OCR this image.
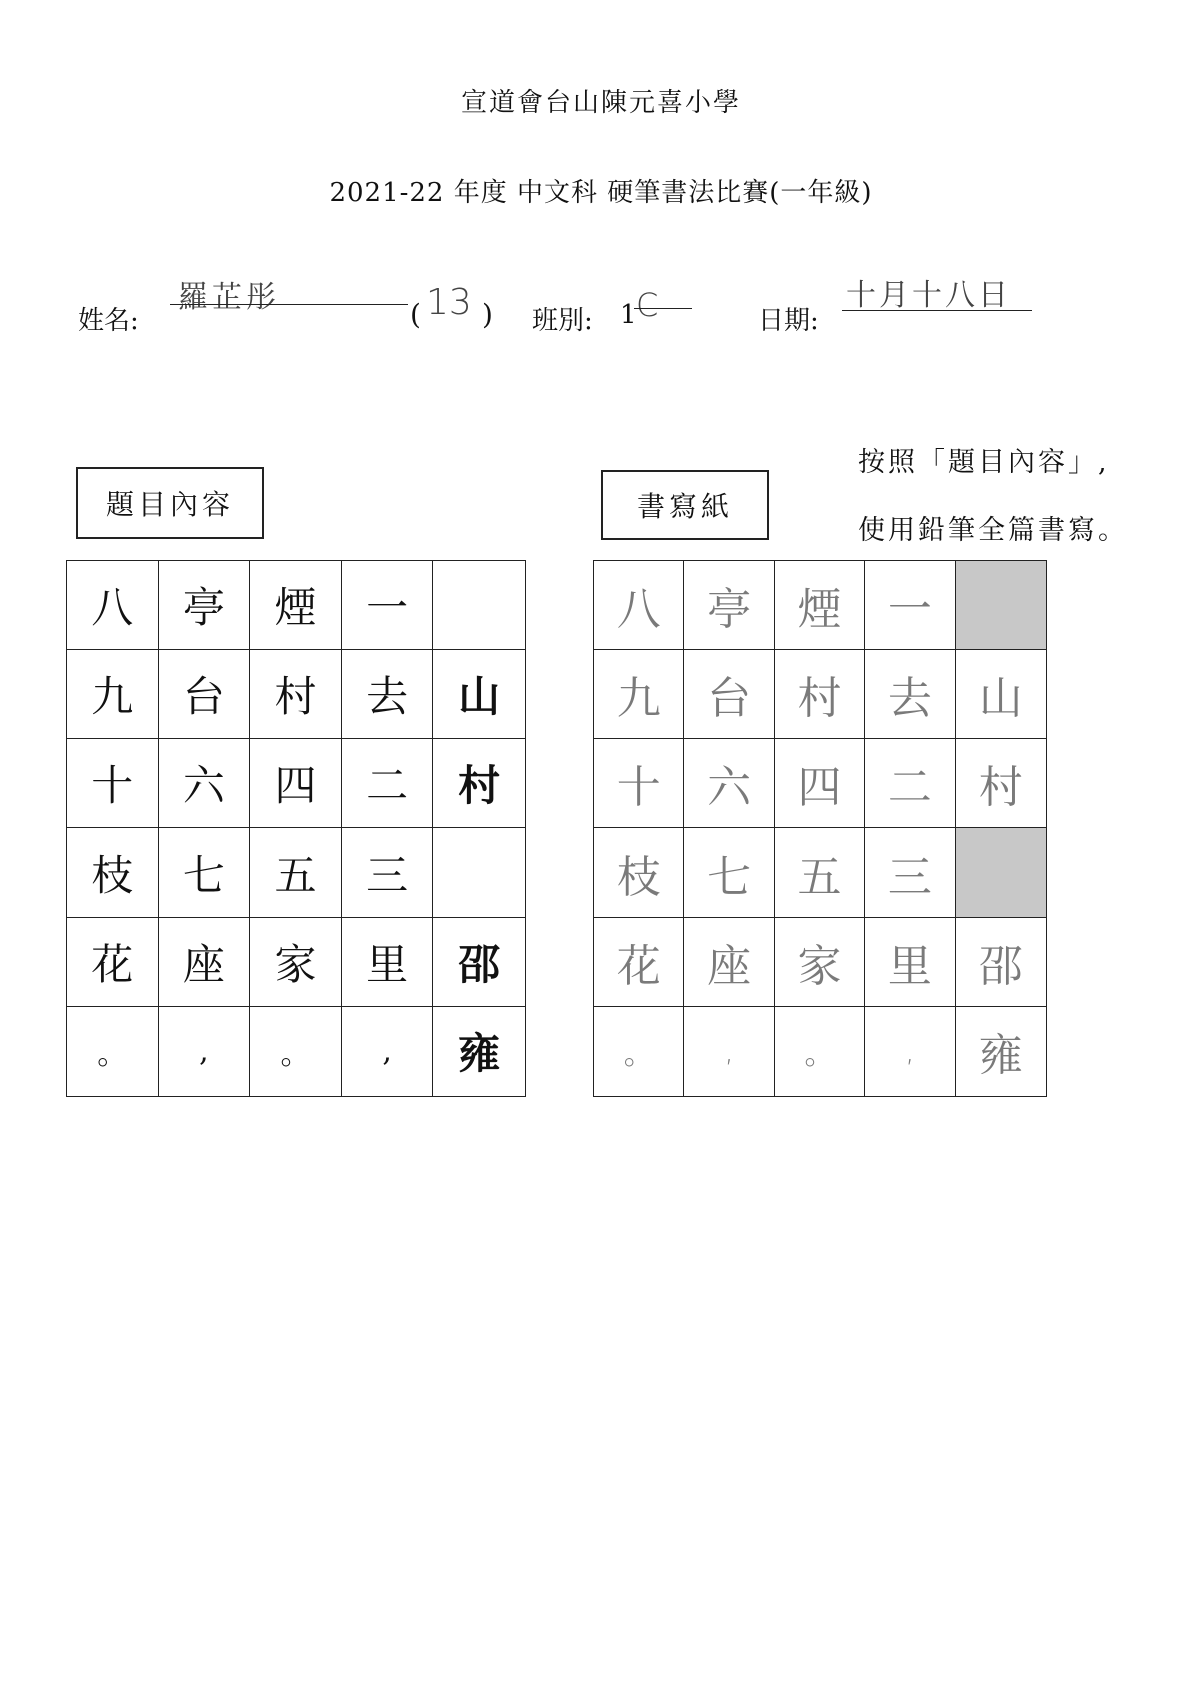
宣道會台山陳元喜小學
2021-22 年度 中文科 硬筆書法比賽(一年級)
姓名:
羅芷彤	( 13 ) 班別: 1 C	日期:
十月十八日
按照「題目內容」,
使用鉛筆全篇書寫。
題目內容	書寫紙
八	亭	煙	一
九	台	村	去	山
十	六	四	二	村
枝	七	五	三
花	座	家	里	邵
。	,	。	,	雍
八	亭	煙	一
九	台	村	去	山
十	六	四	二	村
枝	七	五	三
花	座	家	里	邵
。	,	。	,	雍
